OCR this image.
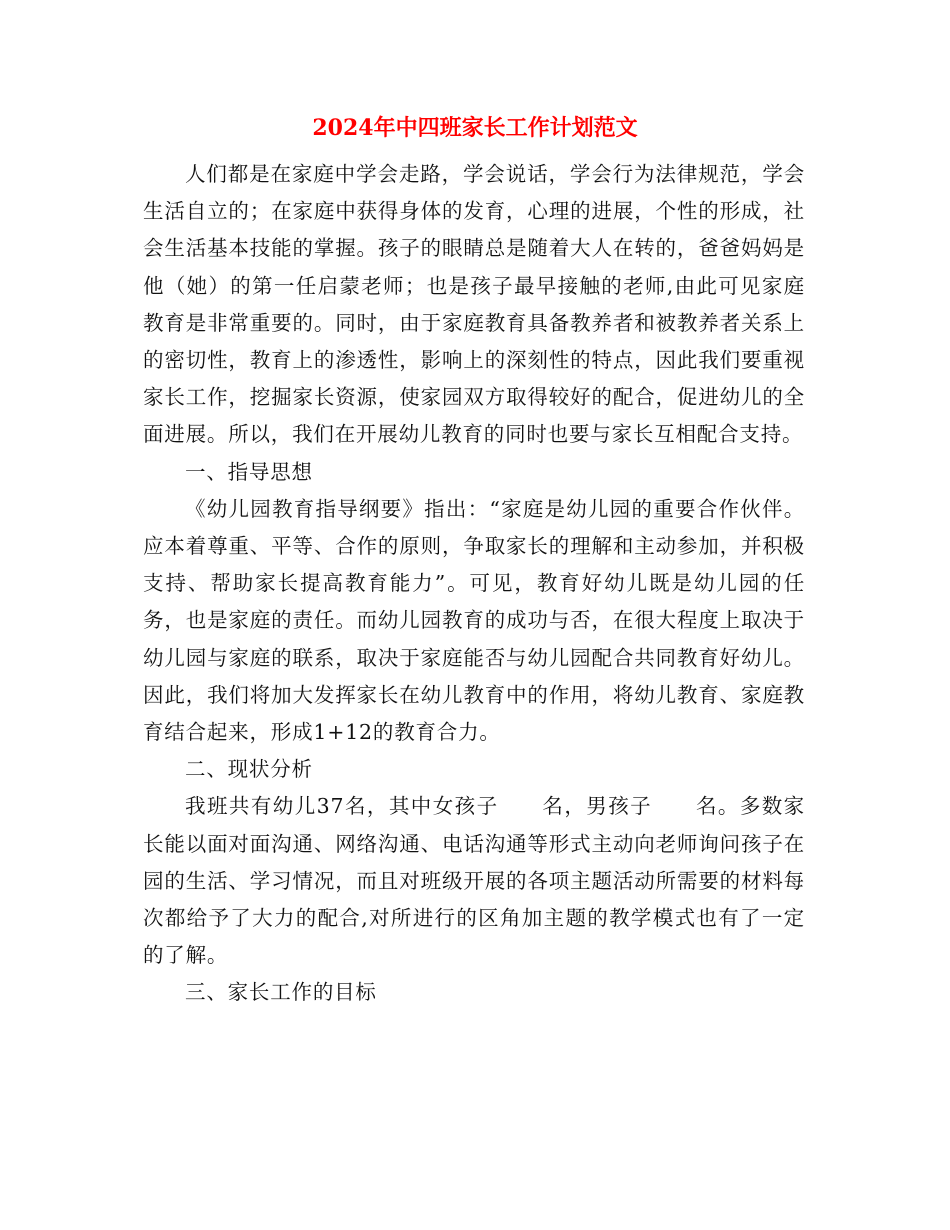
2024年中四班家长工作计划范文

人们都是在家庭中学会走路，学会说话，学会行为法律规范，学会生活自立的；在家庭中获得身体的发育，心理的进展，个性的形成，社会生活基本技能的掌握。孩子的眼睛总是随着大人在转的，爸爸妈妈是他（她）的第一任启蒙老师；也是孩子最早接触的老师,由此可见家庭教育是非常重要的。同时，由于家庭教育具备教养者和被教养者关系上的密切性，教育上的渗透性，影响上的深刻性的特点，因此我们要重视家长工作，挖掘家长资源，使家园双方取得较好的配合，促进幼儿的全面进展。所以，我们在开展幼儿教育的同时也要与家长互相配合支持。

一、指导思想

《幼儿园教育指导纲要》指出：“家庭是幼儿园的重要合作伙伴。应本着尊重、平等、合作的原则，争取家长的理解和主动参加，并积极支持、帮助家长提高教育能力”。可见，教育好幼儿既是幼儿园的任务，也是家庭的责任。而幼儿园教育的成功与否，在很大程度上取决于幼儿园与家庭的联系，取决于家庭能否与幼儿园配合共同教育好幼儿。因此，我们将加大发挥家长在幼儿教育中的作用，将幼儿教育、家庭教育结合起来，形成1+12的教育合力。

二、现状分析

我班共有幼儿37名，其中女孩子　　名，男孩子　　名。多数家长能以面对面沟通、网络沟通、电话沟通等形式主动向老师询问孩子在园的生活、学习情况，而且对班级开展的各项主题活动所需要的材料每次都给予了大力的配合,对所进行的区角加主题的教学模式也有了一定的了解。

三、家长工作的目标
